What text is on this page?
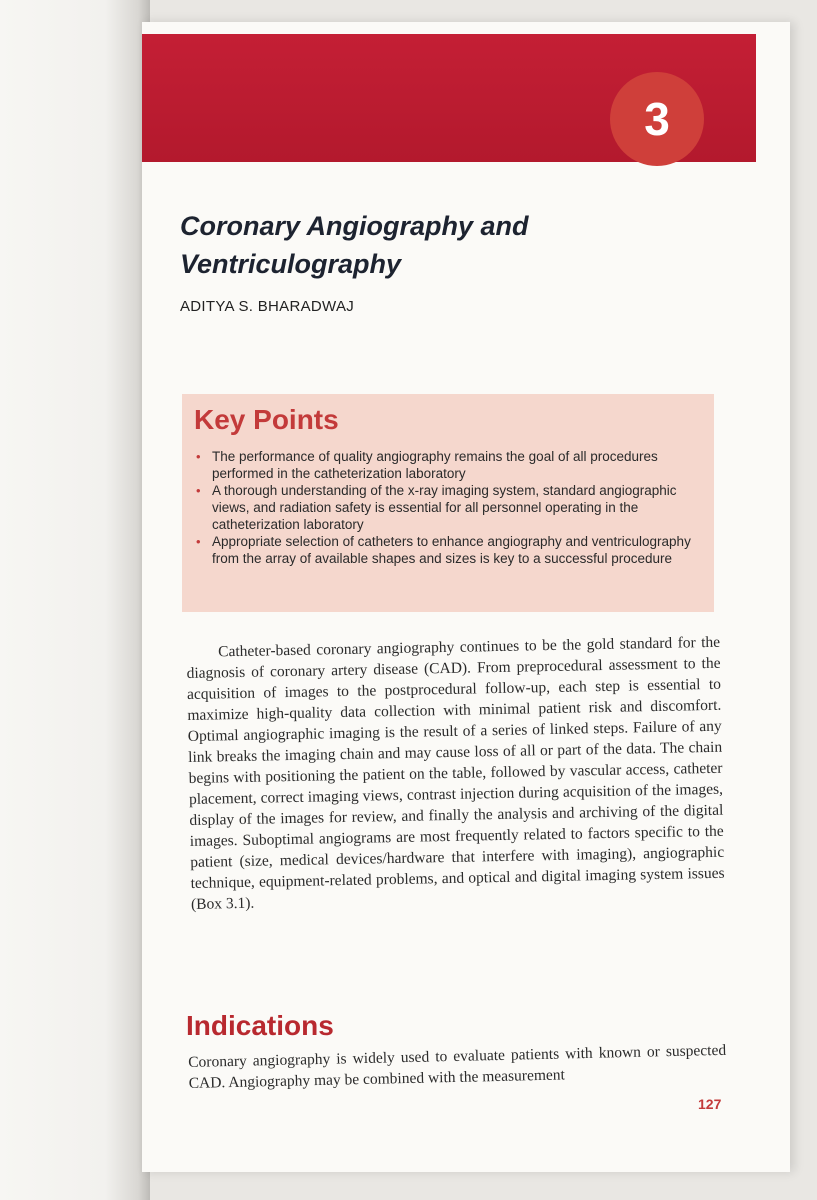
3
Coronary Angiography and Ventriculography
ADITYA S. BHARADWAJ
Key Points
• The performance of quality angiography remains the goal of all procedures performed in the catheterization laboratory
• A thorough understanding of the x-ray imaging system, standard angiographic views, and radiation safety is essential for all personnel operating in the catheterization laboratory
• Appropriate selection of catheters to enhance angiography and ventriculography from the array of available shapes and sizes is key to a successful procedure

Catheter-based coronary angiography continues to be the gold standard for the diagnosis of coronary artery disease (CAD). From preprocedural assessment to the acquisition of images to the postprocedural follow-up, each step is essential to maximize high-quality data collection with minimal patient risk and discomfort. Optimal angiographic imaging is the result of a series of linked steps. Failure of any link breaks the imaging chain and may cause loss of all or part of the data. The chain begins with positioning the patient on the table, followed by vascular access, catheter placement, correct imaging views, contrast injection during acquisition of the images, display of the images for review, and finally the analysis and archiving of the digital images. Suboptimal angiograms are most frequently related to factors specific to the patient (size, medical devices/hardware that interfere with imaging), angiographic technique, equipment-related problems, and optical and digital imaging system issues (Box 3.1).

Indications

Coronary angiography is widely used to evaluate patients with known or suspected CAD. Angiography may be combined with the measurement

127
